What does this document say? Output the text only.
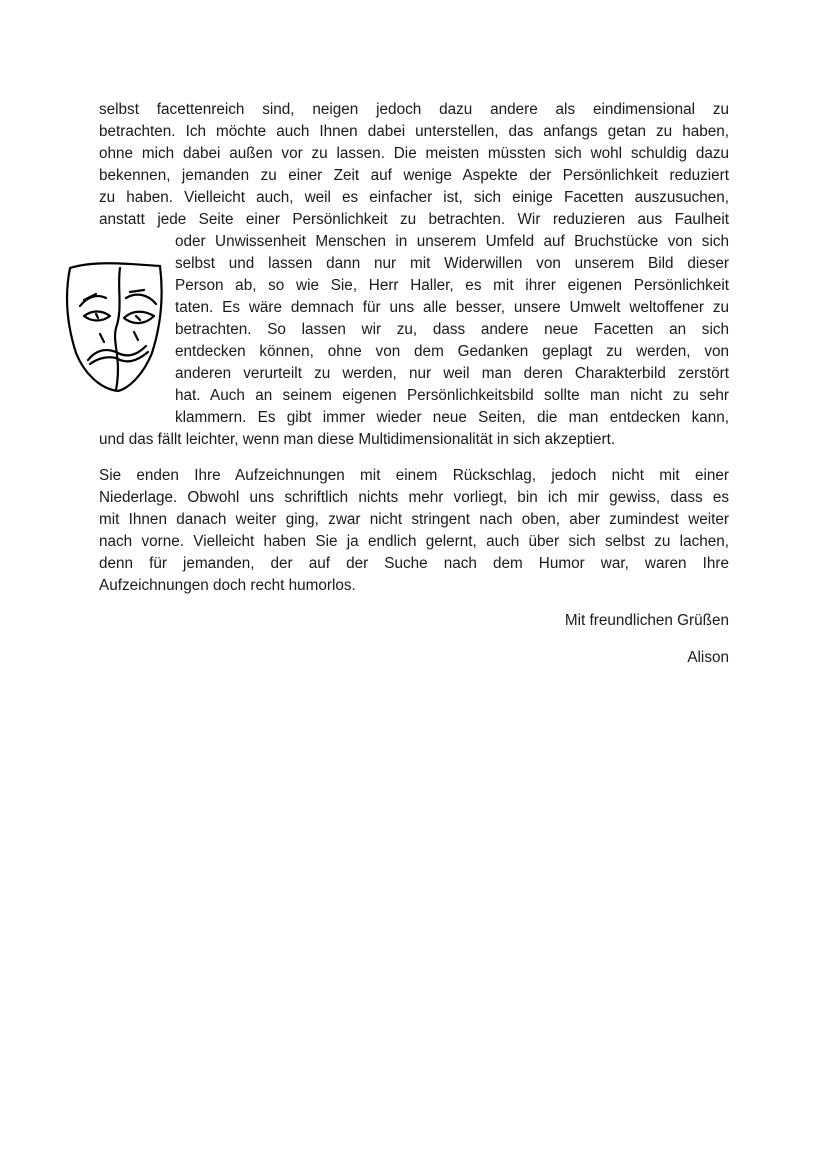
selbst facettenreich sind, neigen jedoch dazu andere als eindimensional zu
betrachten. Ich möchte auch Ihnen dabei unterstellen, das anfangs getan zu haben,
ohne mich dabei außen vor zu lassen. Die meisten müssten sich wohl schuldig dazu
bekennen, jemanden zu einer Zeit auf wenige Aspekte der Persönlichkeit reduziert
zu haben. Vielleicht auch, weil es einfacher ist, sich einige Facetten auszusuchen,
anstatt jede Seite einer Persönlichkeit zu betrachten. Wir reduzieren aus Faulheit
oder Unwissenheit Menschen in unserem Umfeld auf Bruchstücke von sich
selbst und lassen dann nur mit Widerwillen von unserem Bild dieser
Person ab, so wie Sie, Herr Haller, es mit ihrer eigenen Persönlichkeit
taten. Es wäre demnach für uns alle besser, unsere Umwelt weltoffener zu
betrachten. So lassen wir zu, dass andere neue Facetten an sich
entdecken können, ohne von dem Gedanken geplagt zu werden, von
anderen verurteilt zu werden, nur weil man deren Charakterbild zerstört
hat. Auch an seinem eigenen Persönlichkeitsbild sollte man nicht zu sehr
klammern. Es gibt immer wieder neue Seiten, die man entdecken kann,
und das fällt leichter, wenn man diese Multidimensionalität in sich akzeptiert.
Sie enden Ihre Aufzeichnungen mit einem Rückschlag, jedoch nicht mit einer
Niederlage. Obwohl uns schriftlich nichts mehr vorliegt, bin ich mir gewiss, dass es
mit Ihnen danach weiter ging, zwar nicht stringent nach oben, aber zumindest weiter
nach vorne. Vielleicht haben Sie ja endlich gelernt, auch über sich selbst zu lachen,
denn für jemanden, der auf der Suche nach dem Humor war, waren Ihre
Aufzeichnungen doch recht humorlos.
Mit freundlichen Grüßen
Alison
